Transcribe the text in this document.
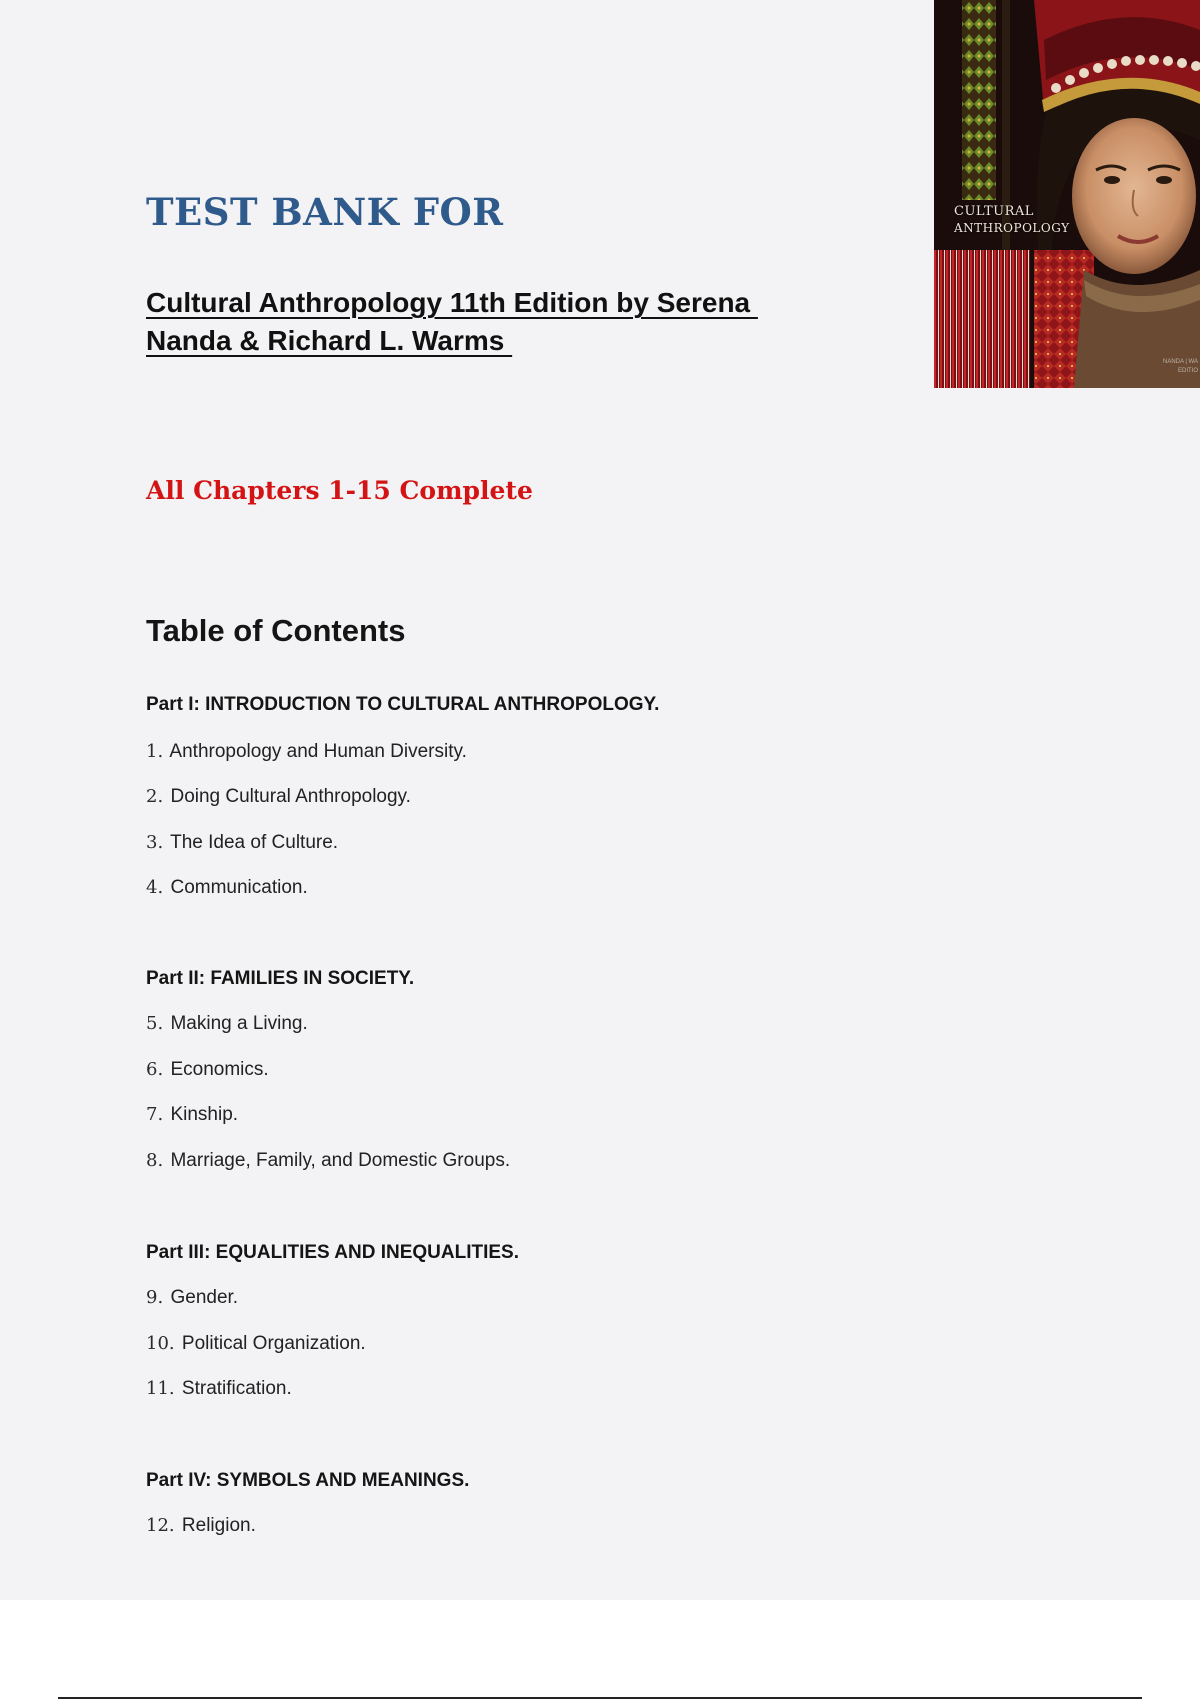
CULTURAL
ANTHROPOLOGY
NANDA | WA
EDITIO
TEST BANK FOR
Cultural Anthropology 11th Edition by Serena
Nanda & Richard L. Warms
All Chapters 1-15 Complete
Table of Contents
Part I: INTRODUCTION TO CULTURAL ANTHROPOLOGY.
1. Anthropology and Human Diversity.
2. Doing Cultural Anthropology.
3. The Idea of Culture.
4. Communication.
Part II: FAMILIES IN SOCIETY.
5. Making a Living.
6. Economics.
7. Kinship.
8. Marriage, Family, and Domestic Groups.
Part III: EQUALITIES AND INEQUALITIES.
9. Gender.
10. Political Organization.
11. Stratification.
Part IV: SYMBOLS AND MEANINGS.
12. Religion.
